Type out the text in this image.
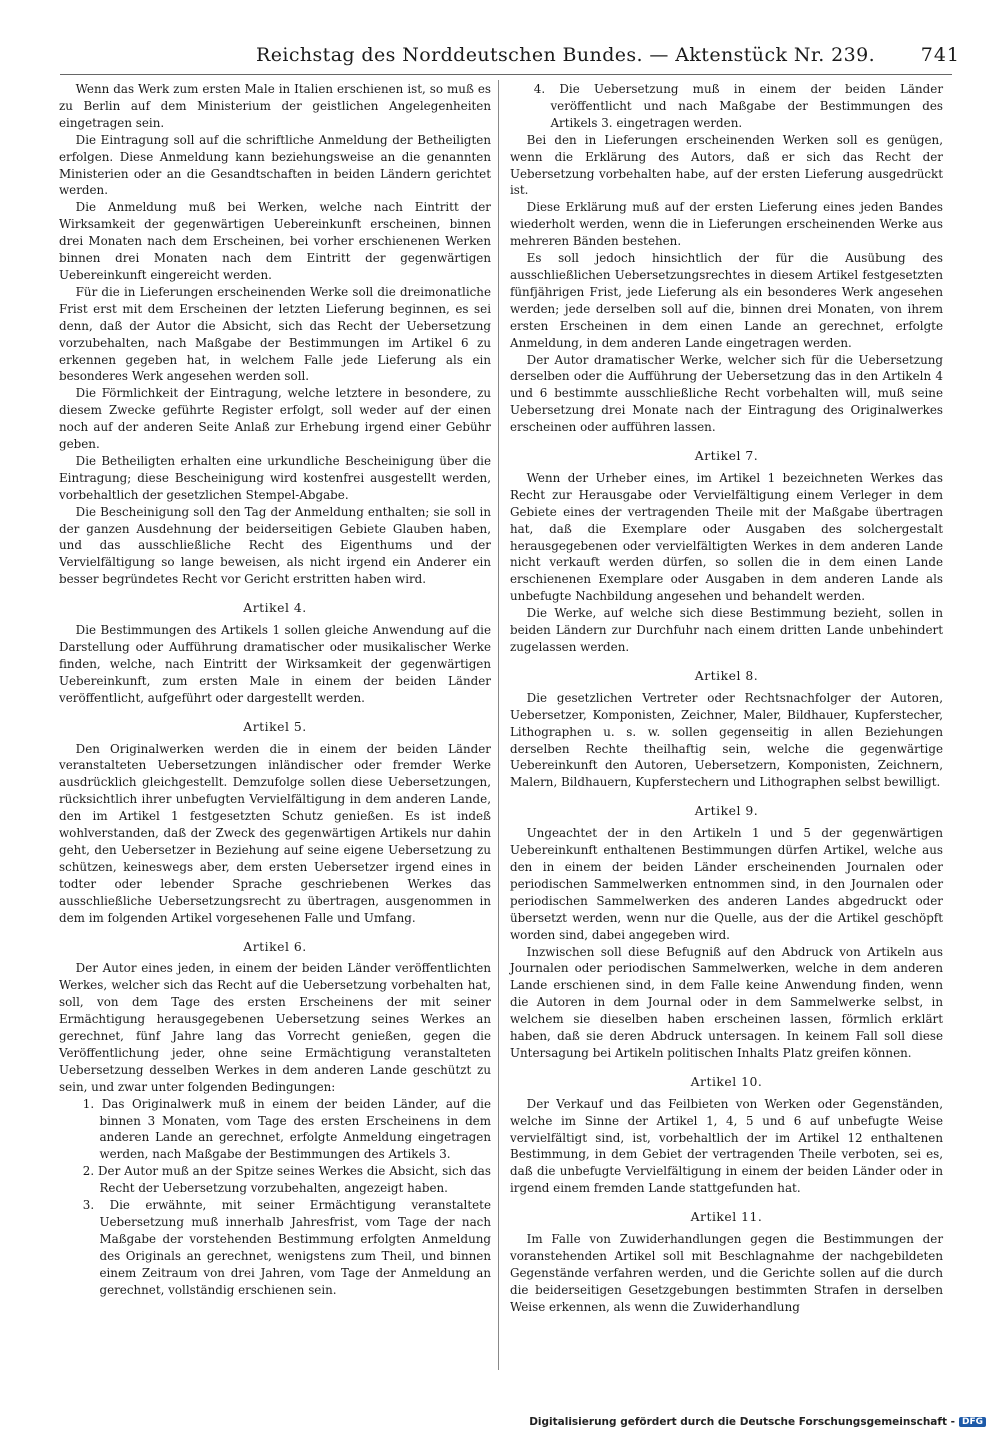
Reichstag des Norddeutschen Bundes. — Aktenstück Nr. 239. 741

Wenn das Werk zum ersten Male in Italien erschienen ist, so muß es zu Berlin auf dem Ministerium der geistlichen Angelegenheiten eingetragen sein.

Die Eintragung soll auf die schriftliche Anmeldung der Betheiligten erfolgen. Diese Anmeldung kann beziehungsweise an die genannten Ministerien oder an die Gesandtschaften in beiden Ländern gerichtet werden.

Die Anmeldung muß bei Werken, welche nach Eintritt der Wirksamkeit der gegenwärtigen Uebereinkunft erscheinen, binnen drei Monaten nach dem Erscheinen, bei vorher erschienenen Werken binnen drei Monaten nach dem Eintritt der gegenwärtigen Uebereinkunft eingereicht werden.

Für die in Lieferungen erscheinenden Werke soll die dreimonatliche Frist erst mit dem Erscheinen der letzten Lieferung beginnen, es sei denn, daß der Autor die Absicht, sich das Recht der Uebersetzung vorzubehalten, nach Maßgabe der Bestimmungen im Artikel 6 zu erkennen gegeben hat, in welchem Falle jede Lieferung als ein besonderes Werk angesehen werden soll.

Die Förmlichkeit der Eintragung, welche letztere in besondere, zu diesem Zwecke geführte Register erfolgt, soll weder auf der einen noch auf der anderen Seite Anlaß zur Erhebung irgend einer Gebühr geben.

Die Betheiligten erhalten eine urkundliche Bescheinigung über die Eintragung; diese Bescheinigung wird kostenfrei ausgestellt werden, vorbehaltlich der gesetzlichen Stempel-Abgabe.

Die Bescheinigung soll den Tag der Anmeldung enthalten; sie soll in der ganzen Ausdehnung der beiderseitigen Gebiete Glauben haben, und das ausschließliche Recht des Eigenthums und der Vervielfältigung so lange beweisen, als nicht irgend ein Anderer ein besser begründetes Recht vor Gericht erstritten haben wird.

Artikel 4.

Die Bestimmungen des Artikels 1 sollen gleiche Anwendung auf die Darstellung oder Aufführung dramatischer oder musikalischer Werke finden, welche, nach Eintritt der Wirksamkeit der gegenwärtigen Uebereinkunft, zum ersten Male in einem der beiden Länder veröffentlicht, aufgeführt oder dargestellt werden.

Artikel 5.

Den Originalwerken werden die in einem der beiden Länder veranstalteten Uebersetzungen inländischer oder fremder Werke ausdrücklich gleichgestellt. Demzufolge sollen diese Uebersetzungen, rücksichtlich ihrer unbefugten Vervielfältigung in dem anderen Lande, den im Artikel 1 festgesetzten Schutz genießen. Es ist indeß wohlverstanden, daß der Zweck des gegenwärtigen Artikels nur dahin geht, den Uebersetzer in Beziehung auf seine eigene Uebersetzung zu schützen, keineswegs aber, dem ersten Uebersetzer irgend eines in todter oder lebender Sprache geschriebenen Werkes das ausschließliche Uebersetzungsrecht zu übertragen, ausgenommen in dem im folgenden Artikel vorgesehenen Falle und Umfang.

Artikel 6.

Der Autor eines jeden, in einem der beiden Länder veröffentlichten Werkes, welcher sich das Recht auf die Uebersetzung vorbehalten hat, soll, von dem Tage des ersten Erscheinens der mit seiner Ermächtigung herausgegebenen Uebersetzung seines Werkes an gerechnet, fünf Jahre lang das Vorrecht genießen, gegen die Veröffentlichung jeder, ohne seine Ermächtigung veranstalteten Uebersetzung desselben Werkes in dem anderen Lande geschützt zu sein, und zwar unter folgenden Bedingungen:

1. Das Originalwerk muß in einem der beiden Länder, auf die binnen 3 Monaten, vom Tage des ersten Erscheinens in dem anderen Lande an gerechnet, erfolgte Anmeldung eingetragen werden, nach Maßgabe der Bestimmungen des Artikels 3.

2. Der Autor muß an der Spitze seines Werkes die Absicht, sich das Recht der Uebersetzung vorzubehalten, angezeigt haben.

3. Die erwähnte, mit seiner Ermächtigung veranstaltete Uebersetzung muß innerhalb Jahresfrist, vom Tage der nach Maßgabe der vorstehenden Bestimmung erfolgten Anmeldung des Originals an gerechnet, wenigstens zum Theil, und binnen einem Zeitraum von drei Jahren, vom Tage der Anmeldung an gerechnet, vollständig erschienen sein.

4. Die Uebersetzung muß in einem der beiden Länder veröffentlicht und nach Maßgabe der Bestimmungen des Artikels 3. eingetragen werden.

Bei den in Lieferungen erscheinenden Werken soll es genügen, wenn die Erklärung des Autors, daß er sich das Recht der Uebersetzung vorbehalten habe, auf der ersten Lieferung ausgedrückt ist.

Diese Erklärung muß auf der ersten Lieferung eines jeden Bandes wiederholt werden, wenn die in Lieferungen erscheinenden Werke aus mehreren Bänden bestehen.

Es soll jedoch hinsichtlich der für die Ausübung des ausschließlichen Uebersetzungsrechtes in diesem Artikel festgesetzten fünfjährigen Frist, jede Lieferung als ein besonderes Werk angesehen werden; jede derselben soll auf die, binnen drei Monaten, von ihrem ersten Erscheinen in dem einen Lande an gerechnet, erfolgte Anmeldung, in dem anderen Lande eingetragen werden.

Der Autor dramatischer Werke, welcher sich für die Uebersetzung derselben oder die Aufführung der Uebersetzung das in den Artikeln 4 und 6 bestimmte ausschließliche Recht vorbehalten will, muß seine Uebersetzung drei Monate nach der Eintragung des Originalwerkes erscheinen oder aufführen lassen.

Artikel 7.

Wenn der Urheber eines, im Artikel 1 bezeichneten Werkes das Recht zur Herausgabe oder Vervielfältigung einem Verleger in dem Gebiete eines der vertragenden Theile mit der Maßgabe übertragen hat, daß die Exemplare oder Ausgaben des solchergestalt herausgegebenen oder vervielfältigten Werkes in dem anderen Lande nicht verkauft werden dürfen, so sollen die in dem einen Lande erschienenen Exemplare oder Ausgaben in dem anderen Lande als unbefugte Nachbildung angesehen und behandelt werden.

Die Werke, auf welche sich diese Bestimmung bezieht, sollen in beiden Ländern zur Durchfuhr nach einem dritten Lande unbehindert zugelassen werden.

Artikel 8.

Die gesetzlichen Vertreter oder Rechtsnachfolger der Autoren, Uebersetzer, Komponisten, Zeichner, Maler, Bildhauer, Kupferstecher, Lithographen u. s. w. sollen gegenseitig in allen Beziehungen derselben Rechte theilhaftig sein, welche die gegenwärtige Uebereinkunft den Autoren, Uebersetzern, Komponisten, Zeichnern, Malern, Bildhauern, Kupferstechern und Lithographen selbst bewilligt.

Artikel 9.

Ungeachtet der in den Artikeln 1 und 5 der gegenwärtigen Uebereinkunft enthaltenen Bestimmungen dürfen Artikel, welche aus den in einem der beiden Länder erscheinenden Journalen oder periodischen Sammelwerken entnommen sind, in den Journalen oder periodischen Sammelwerken des anderen Landes abgedruckt oder übersetzt werden, wenn nur die Quelle, aus der die Artikel geschöpft worden sind, dabei angegeben wird.

Inzwischen soll diese Befugniß auf den Abdruck von Artikeln aus Journalen oder periodischen Sammelwerken, welche in dem anderen Lande erschienen sind, in dem Falle keine Anwendung finden, wenn die Autoren in dem Journal oder in dem Sammelwerke selbst, in welchem sie dieselben haben erscheinen lassen, förmlich erklärt haben, daß sie deren Abdruck untersagen. In keinem Fall soll diese Untersagung bei Artikeln politischen Inhalts Platz greifen können.

Artikel 10.

Der Verkauf und das Feilbieten von Werken oder Gegenständen, welche im Sinne der Artikel 1, 4, 5 und 6 auf unbefugte Weise vervielfältigt sind, ist, vorbehaltlich der im Artikel 12 enthaltenen Bestimmung, in dem Gebiet der vertragenden Theile verboten, sei es, daß die unbefugte Vervielfältigung in einem der beiden Länder oder in irgend einem fremden Lande stattgefunden hat.

Artikel 11.

Im Falle von Zuwiderhandlungen gegen die Bestimmungen der voranstehenden Artikel soll mit Beschlagnahme der nachgebildeten Gegenstände verfahren werden, und die Gerichte sollen auf die durch die beiderseitigen Gesetzgebungen bestimmten Strafen in derselben Weise erkennen, als wenn die Zuwiderhandlung

Digitalisierung gefördert durch die Deutsche Forschungsgemeinschaft - DFG
